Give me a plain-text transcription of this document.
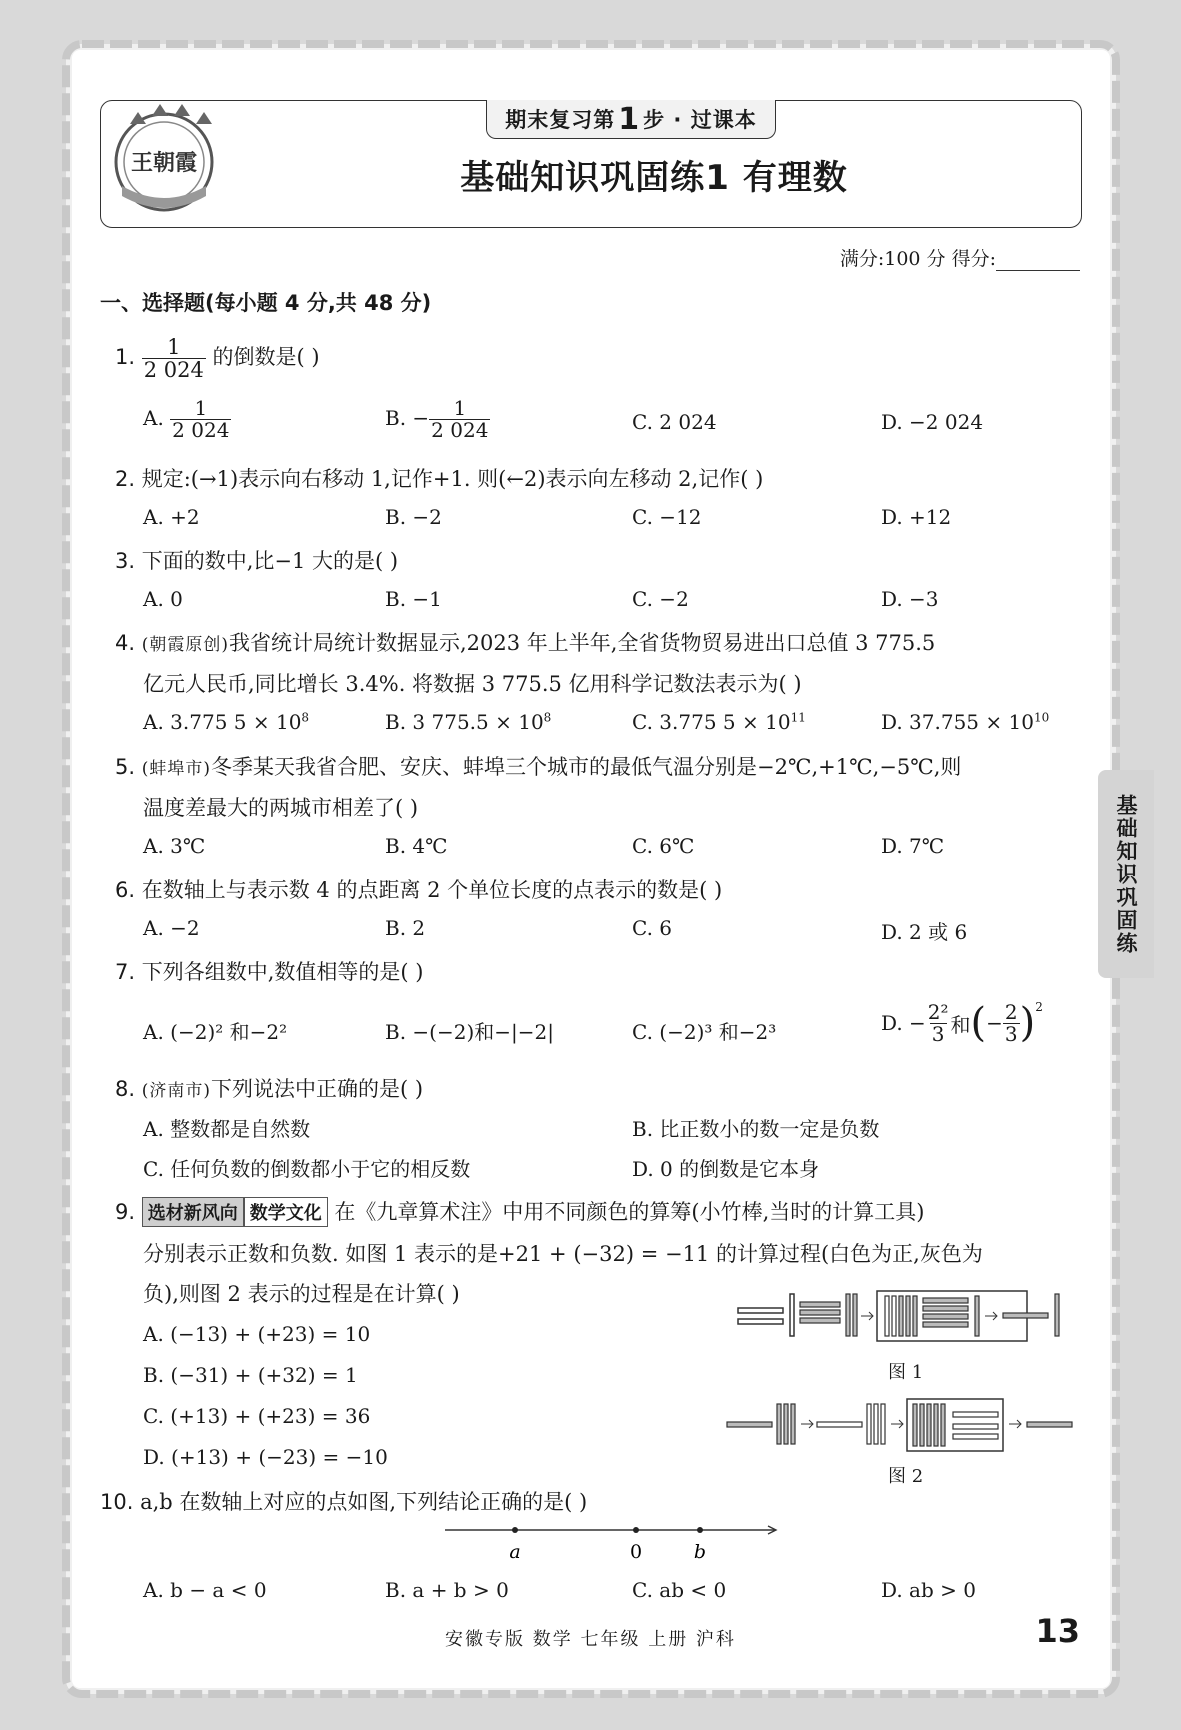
王朝霞
期末复习第 1 步 · 过课本
基础知识巩固练1 有理数
满分:100 分 得分:
一、选择题(每小题 4 分,共 48 分)
1. $\frac{1}{2 024}$ 的倒数是( )
A. $\frac{1}{2 024}$	B. − $\frac{1}{2 024}$	C. 2 024	D. −2 024
2. 规定:(→1)表示向右移动 1,记作+1. 则(←2)表示向左移动 2,记作( )
A. +2	B. −2	C. −12	D. +12
3. 下面的数中,比−1 大的是( )
A. 0	B. −1	C. −2	D. −3
4. (朝霞原创)我省统计局统计数据显示,2023 年上半年,全省货物贸易进出口总值 3 775.5
亿元人民币,同比增长 3.4%. 将数据 3 775.5 亿用科学记数法表示为( )
A. 3.775 $5 \times 10^8$	B. 3 $775.5 \times 10^8$	C. 3.775 $5 \times 10^{11}$	D. $37.755 \times 10^{10}$
5. (蚌埠市)冬季某天我省合肥、安庆、蚌埠三个城市的最低气温分别是−2℃,+1℃,−5℃,则
温度差最大的两城市相差了( )
A. 3℃	B. 4℃	C. 6℃	D. 7℃
6. 在数轴上与表示数 4 的点距离 2 个单位长度的点表示的数是( )
A. −2	B. 2	C. 6	D. 2 或 6
7. 下列各组数中,数值相等的是( )
A. (−2)² 和−2²	B. −(−2)和−|−2|	C. (−2)³ 和−2³	D. − $\frac{\text{2²}}{3}$ 和 ( − $\frac{2}{3} )^2$
8. (济南市)下列说法中正确的是( )
A. 整数都是自然数	B. 比正数小的数一定是负数
C. 任何负数的倒数都小于它的相反数	D. 0 的倒数是它本身
9. 选材新风向 数学文化 在《九章算术注》中用不同颜色的算筹(小竹棒,当时的计算工具)
分别表示正数和负数. 如图 1 表示的是+21 + (−32) = −11 的计算过程(白色为正,灰色为
负),则图 2 表示的过程是在计算( )
A. (−13) + (+23) = 10
B. (−31) + (+32) = 1
C. (+13) + (+23) = 36
D. (+13) + (−23) = −10
图 1
图 2
10. a,b 在数轴上对应的点如图,下列结论正确的是( )
a	0	b
A. b − a < 0	B. a + b > 0	C. ab < 0	D. ab > 0
基础知识巩固练
安徽专版 数学 七年级 上册 沪科	13
